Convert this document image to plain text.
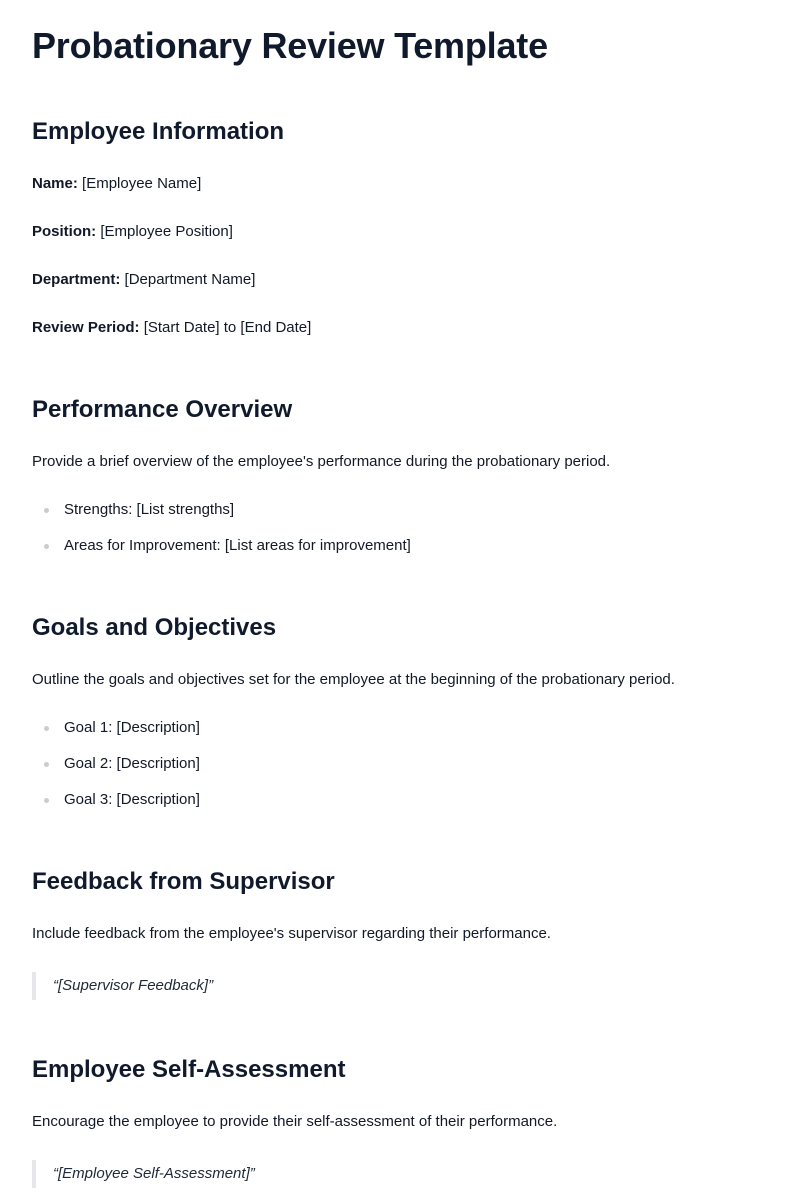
Probationary Review Template
Employee Information

Name: [Employee Name]

Position: [Employee Position]

Department: [Department Name]

Review Period: [Start Date] to [End Date]

Performance Overview

Provide a brief overview of the employee's performance during the probationary period.

Strengths: [List strengths]
Areas for Improvement: [List areas for improvement]
Goals and Objectives

Outline the goals and objectives set for the employee at the beginning of the probationary period.

Goal 1: [Description]
Goal 2: [Description]
Goal 3: [Description]
Feedback from Supervisor

Include feedback from the employee's supervisor regarding their performance.

“[Supervisor Feedback]”
Employee Self-Assessment

Encourage the employee to provide their self-assessment of their performance.

“[Employee Self-Assessment]”
